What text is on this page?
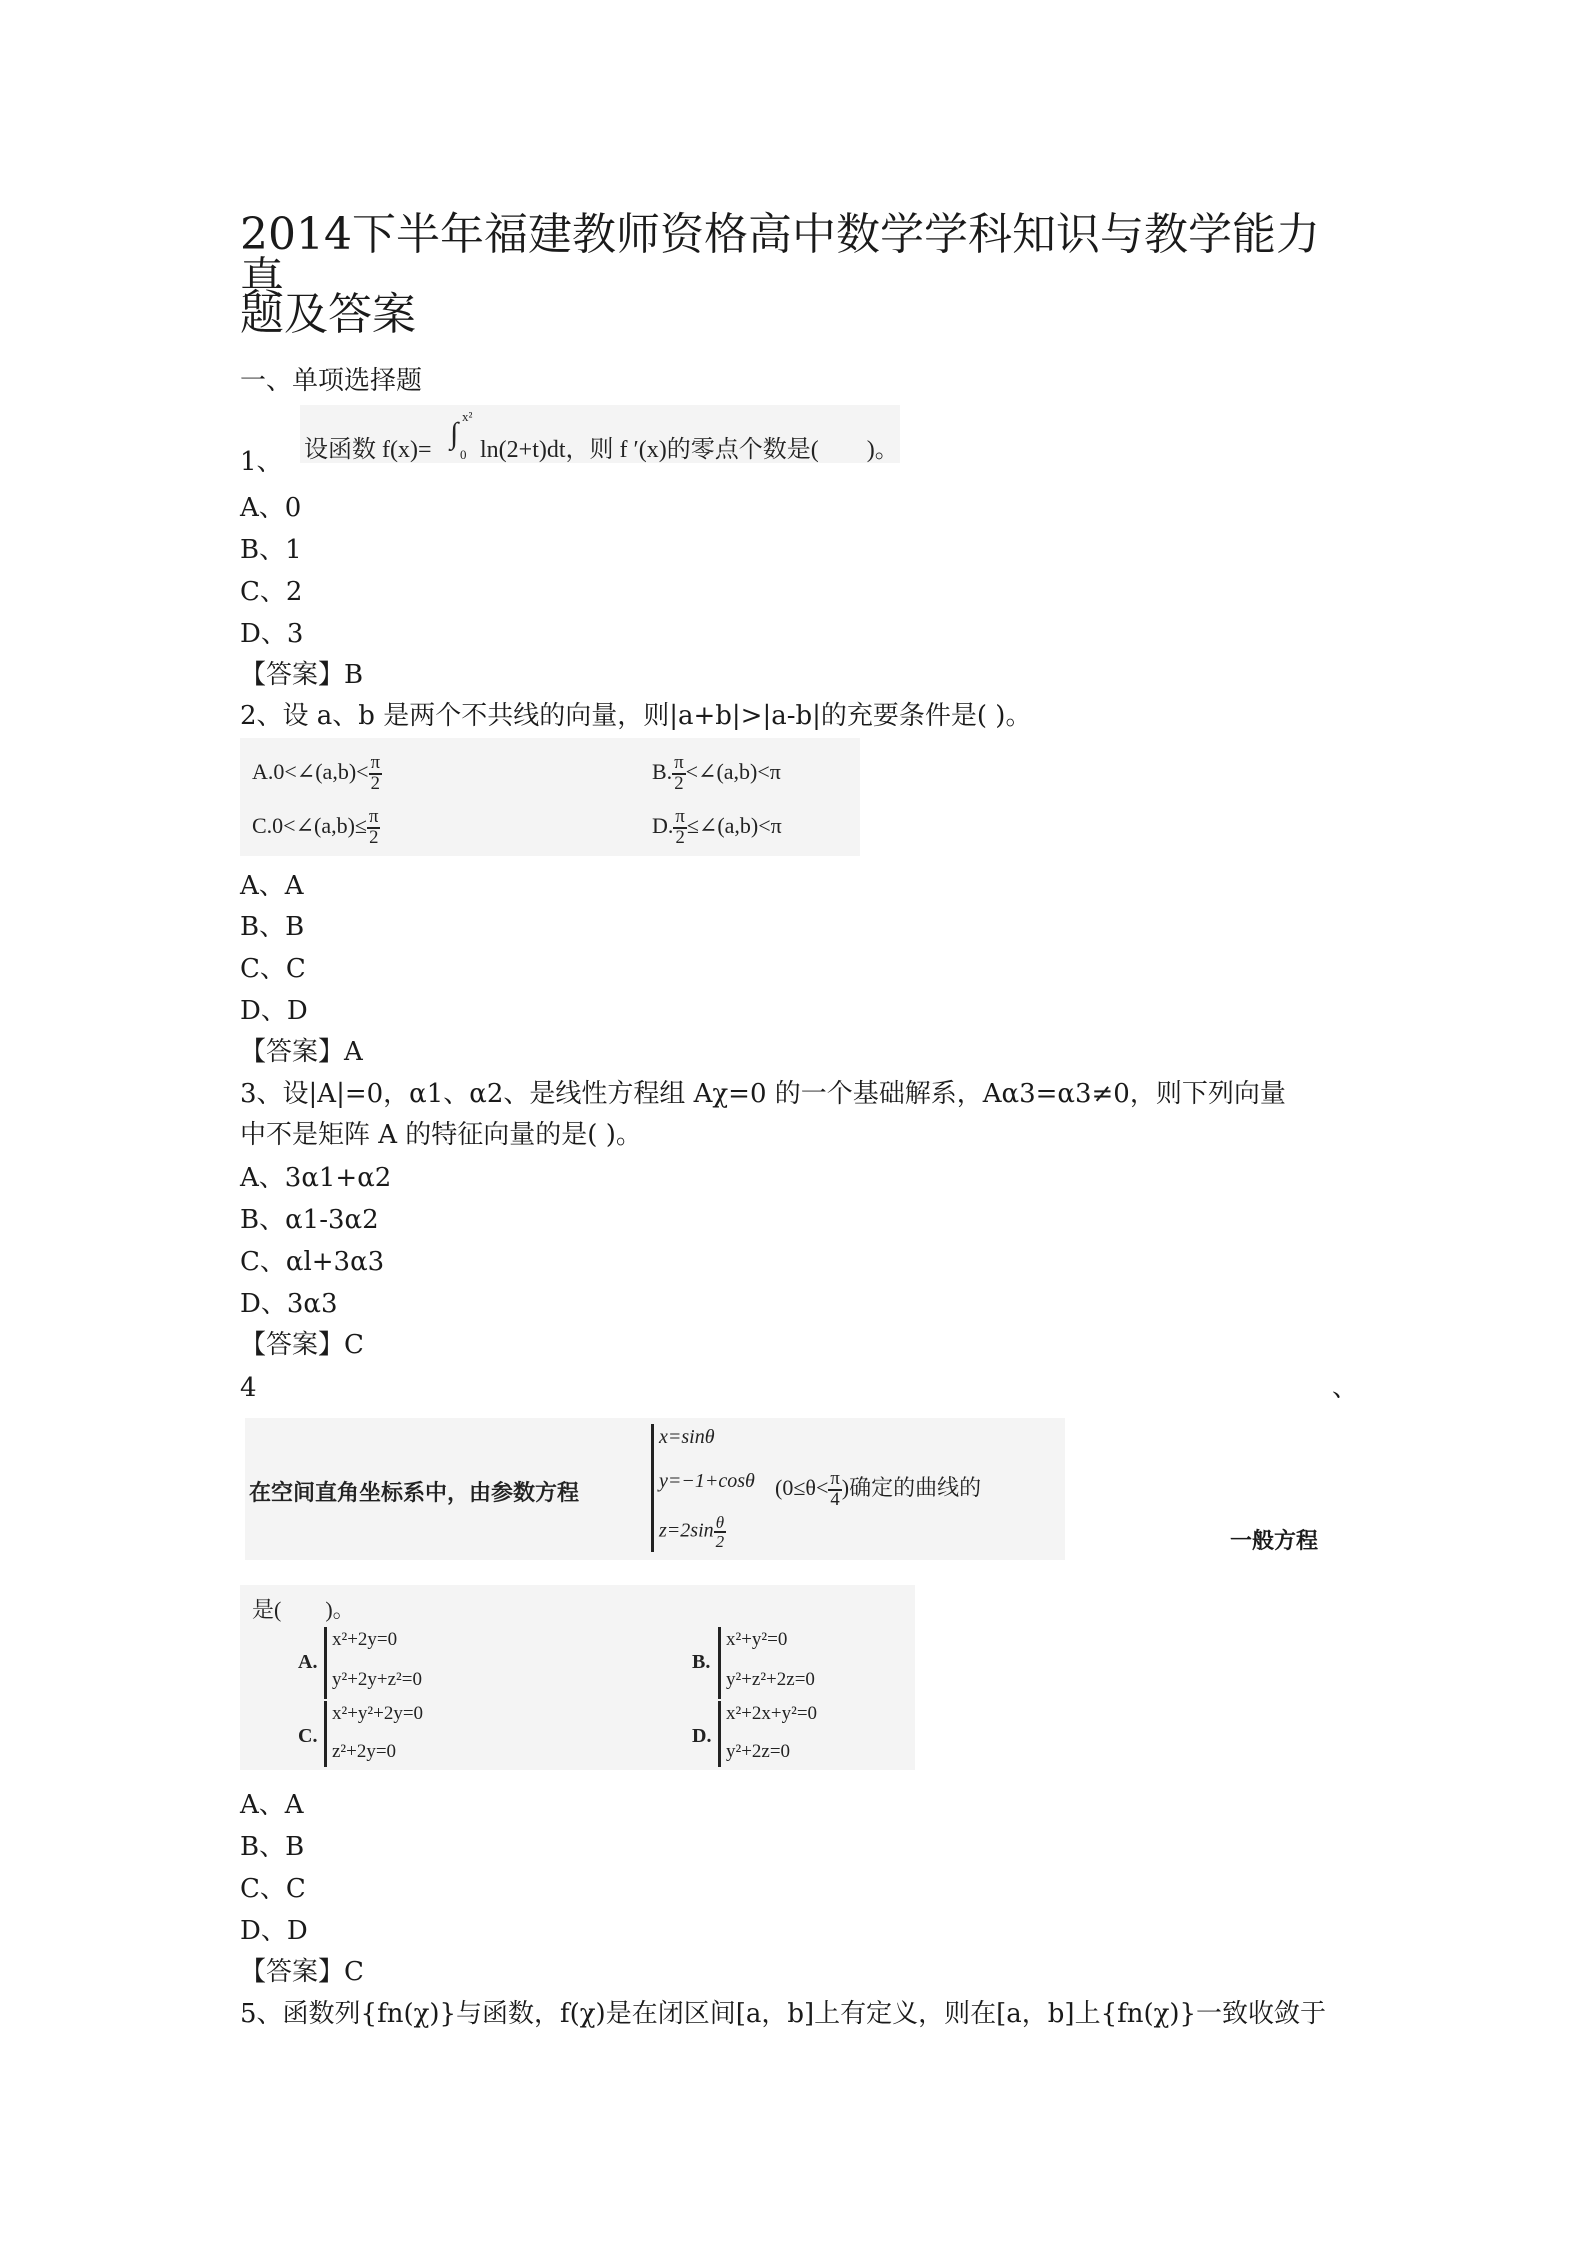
2014下半年福建教师资格高中数学学科知识与教学能力真
题及答案
一、单项选择题
1、 设函数 f(x)= ∫
x²
0 ln(2+t)dt，则 f ′(x)的零点个数是(　　)。
A、0
B、1
C、2
D、3
【答案】B
2、设 a、b 是两个不共线的向量，则|a+b|>|a-b|的充要条件是( )。
A.0<∠(a,b)< $\frac{\pi}{2}$	B. $\frac{\pi}{2}$ <∠(a,b)<π
C.0<∠(a,b)≤ $\frac{\pi}{2}$	D. $\frac{\pi}{2}$ ≤∠(a,b)<π
A、A
B、B
C、C
D、D
【答案】A
3、设|A|=0，α1、α2、是线性方程组 Aχ=0 的一个基础解系，Aα3=α3≠0，则下列向量
中不是矩阵 A 的特征向量的是( )。
A、3α1+α2
B、α1-3α2
C、αl+3α3
D、3α3
【答案】C
4	、
在空间直角坐标系中，由参数方程
x=sinθ
y=−1+cosθ
$z=2\sin \frac{\theta}{2}$
($0\le\theta< \frac{\pi}{4}$ )确定的曲线的
一般方程
是(　　)。
A.
x²+2y=0
y²+2y+z²=0
B.
x²+y²=0
y²+z²+2z=0
C.
x²+y²+2y=0
z²+2y=0
D.
x²+2x+y²=0
y²+2z=0
A、A
B、B
C、C
D、D
【答案】C
5、函数列{fn(χ)}与函数，f(χ)是在闭区间[a，b]上有定义，则在[a，b]上{fn(χ)}一致收敛于
